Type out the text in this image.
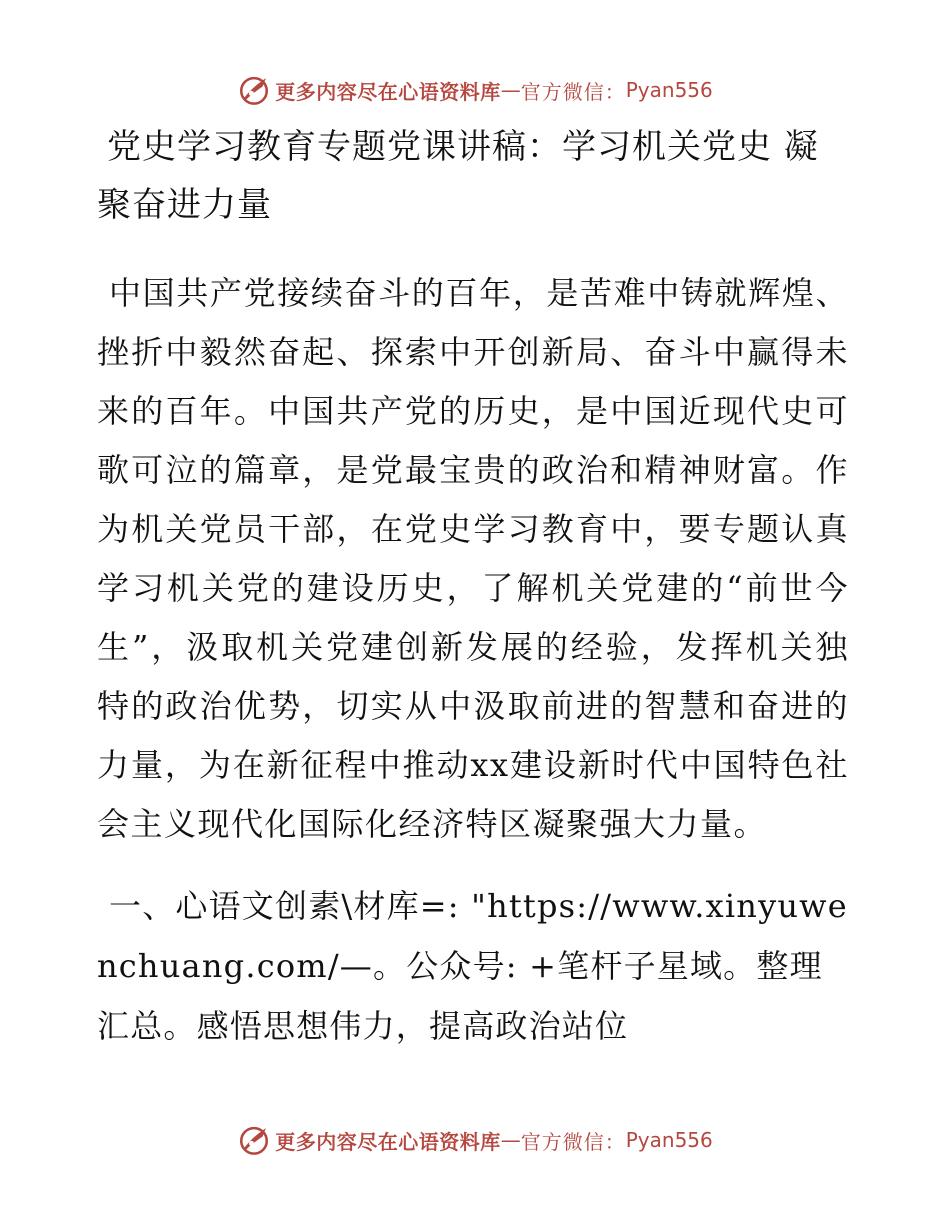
更多内容尽在心语资料库 — 官方微信： Pyan556
党史学习教育专题党课讲稿：学习机关党史 凝聚奋进力量

中国共产党接续奋斗的百年，是苦难中铸就辉煌、挫折中毅然奋起、探索中开创新局、奋斗中赢得未来的百年。中国共产党的历史，是中国近现代史可歌可泣的篇章，是党最宝贵的政治和精神财富。作为机关党员干部，在党史学习教育中，要专题认真学习机关党的建设历史，了解机关党建的“前世今生”，汲取机关党建创新发展的经验，发挥机关独特的政治优势，切实从中汲取前进的智慧和奋进的力量，为在新征程中推动xx建设新时代中国特色社会主义现代化国际化经济特区凝聚强大力量。

一、心语文创素\材库=: "https://www.xinyuwenchuang.com/—。公众号: +笔杆子星域。整理汇总。感悟思想伟力，提高政治站位

更多内容尽在心语资料库 — 官方微信： Pyan556
